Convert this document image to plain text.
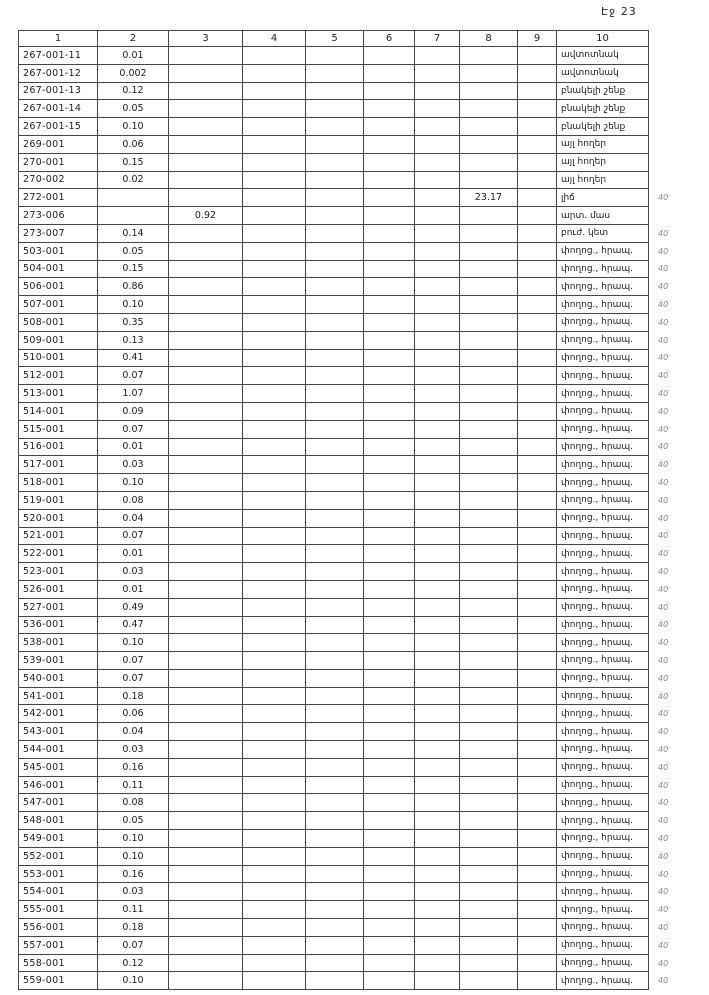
Էջ 23
1	2	3	4	5	6	7	8	9	10	
267-001-11	0.01								ավտոտնակ	
267-001-12	0.002								ավտոտնակ	
267-001-13	0.12								բնակելի շենք	
267-001-14	0.05								բնակելի շենք	
267-001-15	0.10								բնակելի շենք	
269-001	0.06								այլ հողեր	
270-001	0.15								այլ հողեր	
270-002	0.02								այլ հողեր	
272-001							23.17		լիճ	40
273-006		0.92							արտ. մաս	
273-007	0.14								բուժ. կետ	40
503-001	0.05								փողոց., հրապ.	40
504-001	0.15								փողոց., հրապ.	40
506-001	0.86								փողոց., հրապ.	40
507-001	0.10								փողոց., հրապ.	40
508-001	0.35								փողոց., հրապ.	40
509-001	0.13								փողոց., հրապ.	40
510-001	0.41								փողոց., հրապ.	40
512-001	0.07								փողոց., հրապ.	40
513-001	1.07								փողոց., հրապ.	40
514-001	0.09								փողոց., հրապ.	40
515-001	0.07								փողոց., հրապ.	40
516-001	0.01								փողոց., հրապ.	40
517-001	0.03								փողոց., հրապ.	40
518-001	0.10								փողոց., հրապ.	40
519-001	0.08								փողոց., հրապ.	40
520-001	0.04								փողոց., հրապ.	40
521-001	0.07								փողոց., հրապ.	40
522-001	0.01								փողոց., հրապ.	40
523-001	0.03								փողոց., հրապ.	40
526-001	0.01								փողոց., հրապ.	40
527-001	0.49								փողոց., հրապ.	40
536-001	0.47								փողոց., հրապ.	40
538-001	0.10								փողոց., հրապ.	40
539-001	0.07								փողոց., հրապ.	40
540-001	0.07								փողոց., հրապ.	40
541-001	0.18								փողոց., հրապ.	40
542-001	0.06								փողոց., հրապ.	40
543-001	0.04								փողոց., հրապ.	40
544-001	0.03								փողոց., հրապ.	40
545-001	0.16								փողոց., հրապ.	40
546-001	0.11								փողոց., հրապ.	40
547-001	0.08								փողոց., հրապ.	40
548-001	0.05								փողոց., հրապ.	40
549-001	0.10								փողոց., հրապ.	40
552-001	0.10								փողոց., հրապ.	40
553-001	0.16								փողոց., հրապ.	40
554-001	0.03								փողոց., հրապ.	40
555-001	0.11								փողոց., հրապ.	40
556-001	0.18								փողոց., հրապ.	40
557-001	0.07								փողոց., հրապ.	40
558-001	0.12								փողոց., հրապ.	40
559-001	0.10								փողոց., հրապ.	40
